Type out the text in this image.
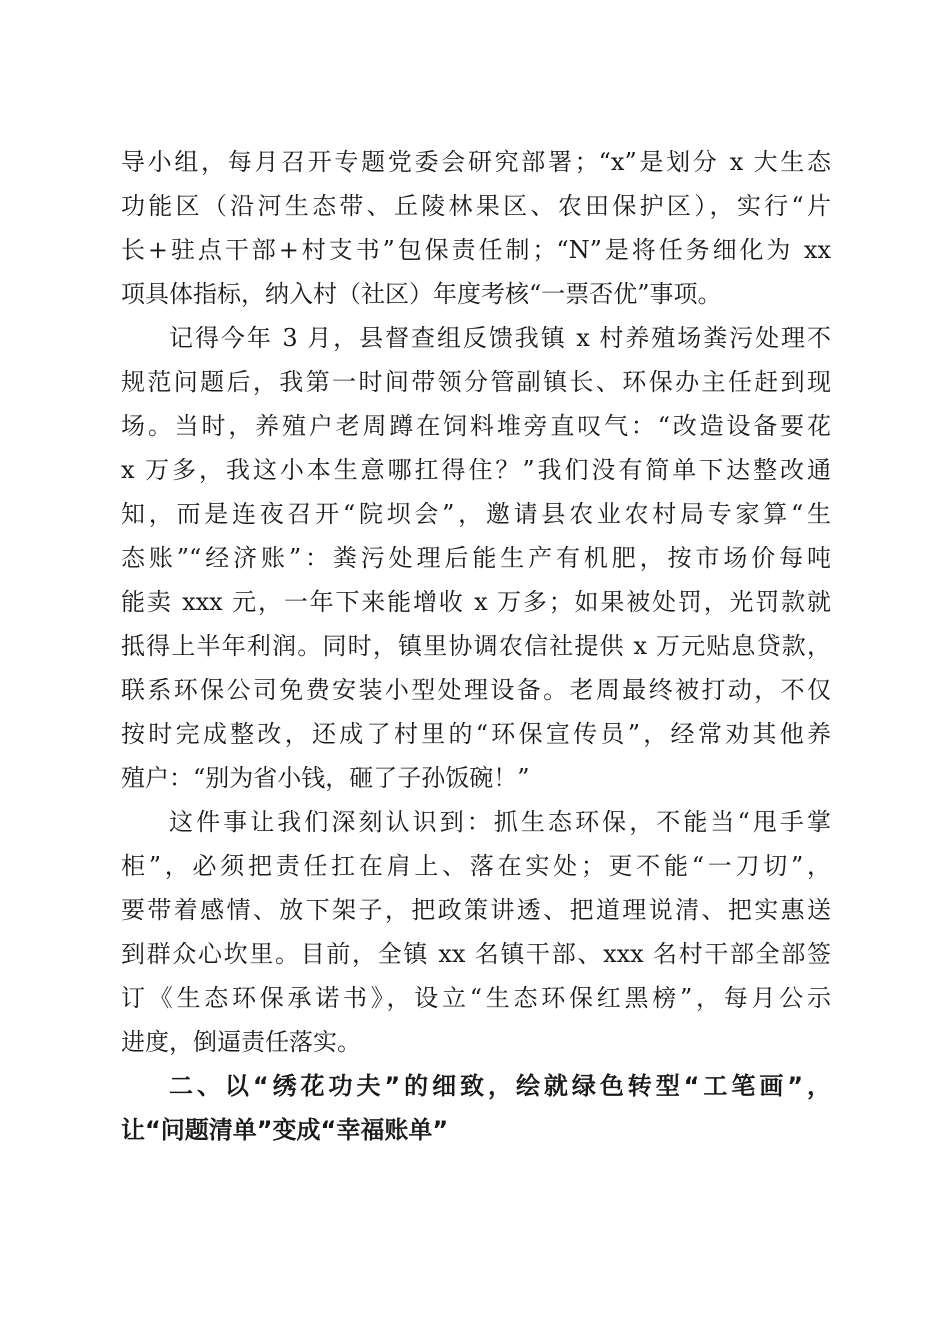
导小组，每月召开专题党委会研究部署；“x”是划分 x 大生态
功能区（沿河生态带、丘陵林果区、农田保护区），实行“片
长+驻点干部+村支书”包保责任制；“N”是将任务细化为 xx
项具体指标，纳入村（社区）年度考核“一票否优”事项。

记得今年 3 月，县督查组反馈我镇 x 村养殖场粪污处理不
规范问题后，我第一时间带领分管副镇长、环保办主任赶到现
场。当时，养殖户老周蹲在饲料堆旁直叹气：“改造设备要花
x 万多，我这小本生意哪扛得住？”我们没有简单下达整改通
知，而是连夜召开“院坝会”，邀请县农业农村局专家算“生
态账”“经济账”：粪污处理后能生产有机肥，按市场价每吨
能卖 xxx 元，一年下来能增收 x 万多；如果被处罚，光罚款就
抵得上半年利润。同时，镇里协调农信社提供 x 万元贴息贷款，
联系环保公司免费安装小型处理设备。老周最终被打动，不仅
按时完成整改，还成了村里的“环保宣传员”，经常劝其他养
殖户：“别为省小钱，砸了子孙饭碗！”

这件事让我们深刻认识到：抓生态环保，不能当“甩手掌
柜”，必须把责任扛在肩上、落在实处；更不能“一刀切”，
要带着感情、放下架子，把政策讲透、把道理说清、把实惠送
到群众心坎里。目前，全镇 xx 名镇干部、xxx 名村干部全部签
订《生态环保承诺书》，设立“生态环保红黑榜”，每月公示
进度，倒逼责任落实。

二、以“绣花功夫”的细致，绘就绿色转型“工笔画”，
让“问题清单”变成“幸福账单”
